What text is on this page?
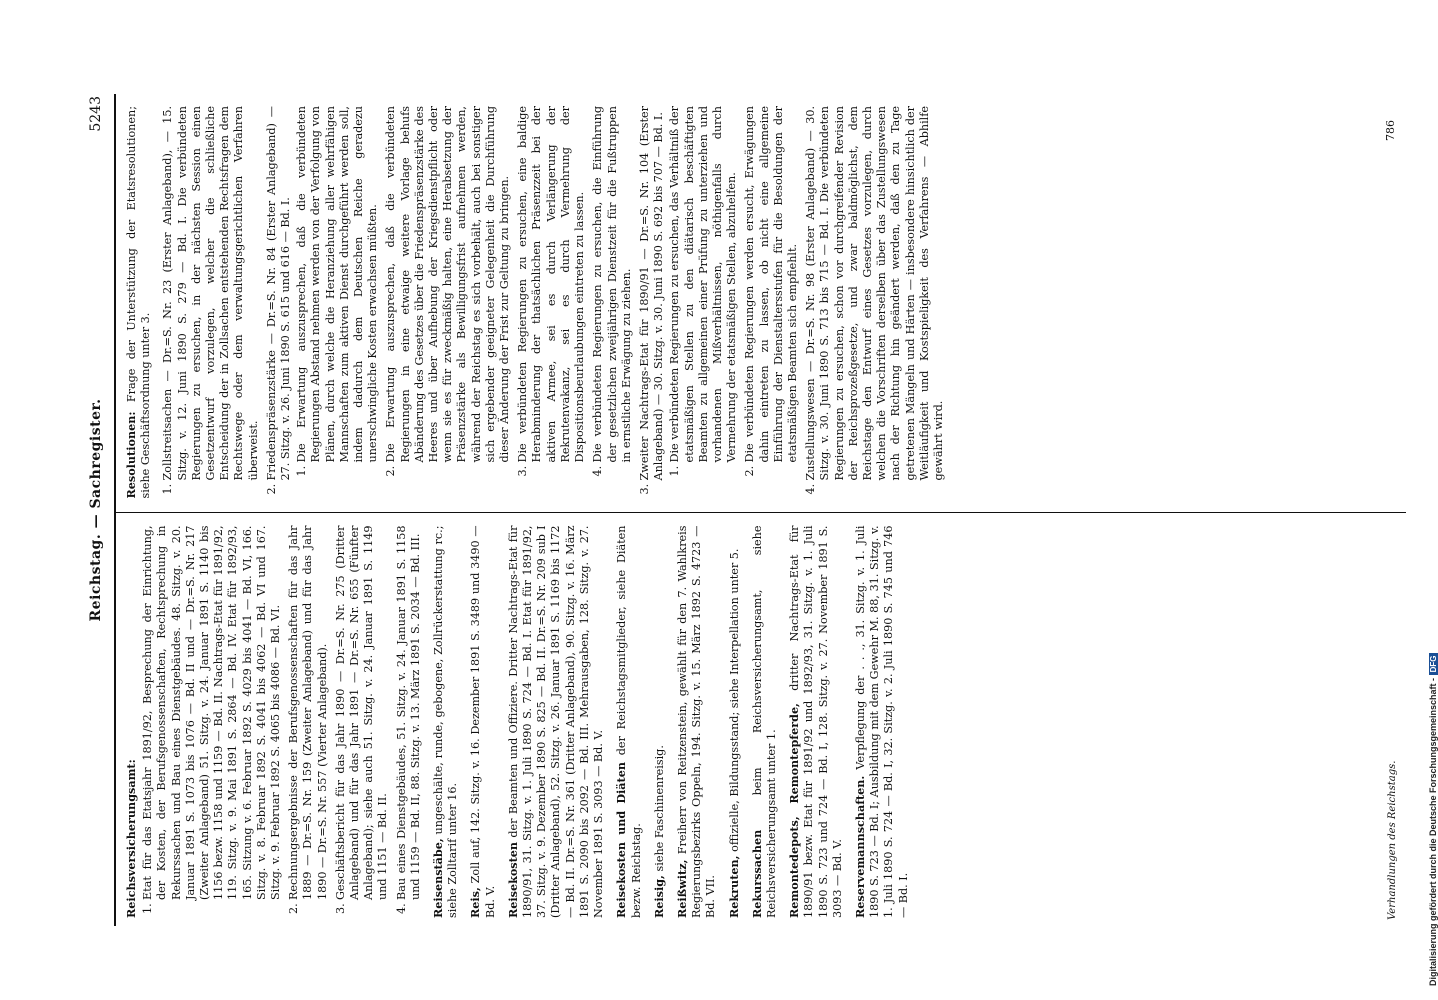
Reichstag. — Sachregister.
5243
Reichsversicherungsamt: 1.Etat für das Etatsjahr 1891/92, Besprechung der Einrichtung, der Kosten, der Berufsgenossenschaften, Rechtsprechung in Rekurssachen und Bau eines Dienstgebäudes. 48. Sitzg. v. 20. Januar 1891 S. 1073 bis 1076 — Bd. II und — Dr.=S. Nr. 217 (Zweiter Anlageband) 51. Sitzg. v. 24. Januar 1891 S. 1140 bis 1156 bezw. 1158 und 1159 — Bd. II. Nachtrags-Etat für 1891/92, 119. Sitzg. v. 9. Mai 1891 S. 2864 — Bd. IV. Etat für 1892/93, 165. Sitzung v. 6. Februar 1892 S. 4029 bis 4041 — Bd. VI, 166. Sitzg. v. 8. Februar 1892 S. 4041 bis 4062 — Bd. VI und 167. Sitzg. v. 9. Februar 1892 S. 4065 bis 4086 — Bd. VI.
2.Rechnungsergebnisse der Berufsgenossenschaften für das Jahr 1889 — Dr.=S. Nr. 159 (Zweiter Anlageband) und für das Jahr 1890 — Dr.=S. Nr. 557 (Vierter Anlageband).
3.Geschäftsbericht für das Jahr 1890 — Dr.=S. Nr. 275 (Dritter Anlageband) und für das Jahr 1891 — Dr.=S. Nr. 655 (Fünfter Anlageband); siehe auch 51. Sitzg. v. 24. Januar 1891 S. 1149 und 1151 — Bd. II.
4.Bau eines Dienstgebäudes, 51. Sitzg. v. 24. Januar 1891 S. 1158 und 1159 — Bd. II, 88. Sitzg. v. 13. März 1891 S. 2034 — Bd. III. Reisenstäbe, ungeschälte, runde, gebogene, Zollrückerstattung rc.; siehe Zolltarif unter 16. Reis, Zoll auf, 142. Sitzg. v. 16. Dezember 1891 S. 3489 und 3490 — Bd. V. Reisekosten der Beamten und Offiziere. Dritter Nachtrags-Etat für 1890/91, 31. Sitzg. v. 1. Juli 1890 S. 724 — Bd. I. Etat für 1891/92, 37. Sitzg. v. 9. Dezember 1890 S. 825 — Bd. II. Dr.=S. Nr. 209 sub I (Dritter Anlageband), 52. Sitzg. v. 26. Januar 1891 S. 1169 bis 1172 — Bd. II. Dr.=S. Nr. 361 (Dritter Anlageband), 90. Sitzg. v. 16. März 1891 S. 2090 bis 2092 — Bd. III. Mehrausgaben, 128. Sitzg. v. 27. November 1891 S. 3093 — Bd. V. Reisekosten und Diäten der Reichstagsmitglieder, siehe Diäten bezw. Reichstag. Reisig, siehe Faschinenreisig.
Reißwitz, Freiherr von Reitzenstein, gewählt für den 7. Wahlkreis Regierungsbezirks Oppeln, 194. Sitzg. v. 15. März 1892 S. 4723 — Bd. VII. Rekruten, offizielle, Bildungsstand; siehe Interpellation unter 5.
Rekurssachen beim Reichsversicherungsamt, siehe Reichsversicherungsamt unter 1. Remontedepots, Remontepferde, dritter Nachtrags-Etat für 1890/91 bezw. Etat für 1891/92 und 1892/93, 31. Sitzg. v. 1. Juli 1890 S. 723 und 724 — Bd. I, 128. Sitzg. v. 27. November 1891 S. 3093 — Bd. V. Reservemannschaften. Verpflegung der . . ., 31. Sitzg. v. 1. Juli 1890 S. 723 — Bd. I; Ausbildung mit dem Gewehr M. 88, 31. Sitzg. v. 1. Juli 1890 S. 724 — Bd. I, 32. Sitzg. v. 2. Juli 1890 S. 745 und 746 — Bd. I.	Verhandlungen des Reichstags.
Resolutionen: Frage der Unterstützung der Etatsresolutionen; siehe Geschäftsordnung unter 3. 1.Zollstreitsachen — Dr.=S. Nr. 23 (Erster Anlageband), — 15. Sitzg. v. 12. Juni 1890 S. 279 — Bd. I. Die verbündeten Regierungen zu ersuchen, in der nächsten Session einen Gesetzentwurf vorzulegen, welcher die schließliche Entscheidung der in Zollsachen entstehenden Rechtsfragen dem Rechtswege oder dem verwaltungsgerichtlichen Verfahren überweist.
2.Friedenspräsenzstärke — Dr.=S. Nr. 84 (Erster Anlageband) — 27. Sitzg. v. 26. Juni 1890 S. 615 und 616 — Bd. I. 1.Die Erwartung auszusprechen, daß die verbündeten Regierungen Abstand nehmen werden von der Verfolgung von Plänen, durch welche die Heranziehung aller wehrfähigen Mannschaften zum aktiven Dienst durchgeführt werden soll, indem dadurch dem Deutschen Reiche geradezu unerschwingliche Kosten erwachsen müßten.
2.Die Erwartung auszusprechen, daß die verbündeten Regierungen in eine etwaige weitere Vorlage behufs Abänderung des Gesetzes über die Friedenspräsenzstärke des Heeres und über Aufhebung der Kriegsdienstpflicht oder wenn sie es für zweckmäßig halten, eine Herabsetzung der Präsenzstärke als Bewilligungsfrist aufnehmen werden, während der Reichstag es sich vorbehält, auch bei sonstiger sich ergebender geeigneter Gelegenheit die Durchführung dieser Änderung der Frist zur Geltung zu bringen.
3.Die verbündeten Regierungen zu ersuchen, eine baldige Herabminderung der thatsächlichen Präsenzzeit bei der aktiven Armee, sei es durch Verlängerung der Rekrutenvakanz, sei es durch Vermehrung der Dispositionsbeurlaubungen eintreten zu lassen.
4.Die verbündeten Regierungen zu ersuchen, die Einführung der gesetzlichen zweijährigen Dienstzeit für die Fußtruppen in ernstliche Erwägung zu ziehen.
3.Zweiter Nachtrags-Etat für 1890/91 — Dr.=S. Nr. 104 (Erster Anlageband) — 30. Sitzg. v. 30. Juni 1890 S. 692 bis 707 — Bd. I. 1.Die verbündeten Regierungen zu ersuchen, das Verhältniß der etatsmäßigen Stellen zu den diätarisch beschäftigten Beamten zu allgemeinen einer Prüfung zu unterziehen und vorhandenen Mißverhältnissen, nöthigenfalls durch Vermehrung der etatsmäßigen Stellen, abzuhelfen.
2.Die verbündeten Regierungen werden ersucht, Erwägungen dahin eintreten zu lassen, ob nicht eine allgemeine Einführung der Dienstaltersstufen für die Besoldungen der etatsmäßigen Beamten sich empfiehlt.
4.Zustellungswesen — Dr.=S. Nr. 98 (Erster Anlageband) — 30. Sitzg. v. 30. Juni 1890 S. 713 bis 715 — Bd. I. Die verbündeten Regierungen zu ersuchen, schon vor durchgreifender Revision der Reichsprozeßgesetze, und zwar baldmöglichst, dem Reichstage den Entwurf eines Gesetzes vorzulegen, durch welchen die Vorschriften derselben über das Zustellungswesen nach der Richtung hin geändert werden, daß den zu Tage getretenen Mängeln und Härten — insbesondere hinsichtlich der Weitläufigkeit und Kostspieligkeit des Verfahrens — Abhilfe gewährt wird.
786
Digitalisierung gefördert durch die Deutsche Forschungsgemeinschaft - DFG
